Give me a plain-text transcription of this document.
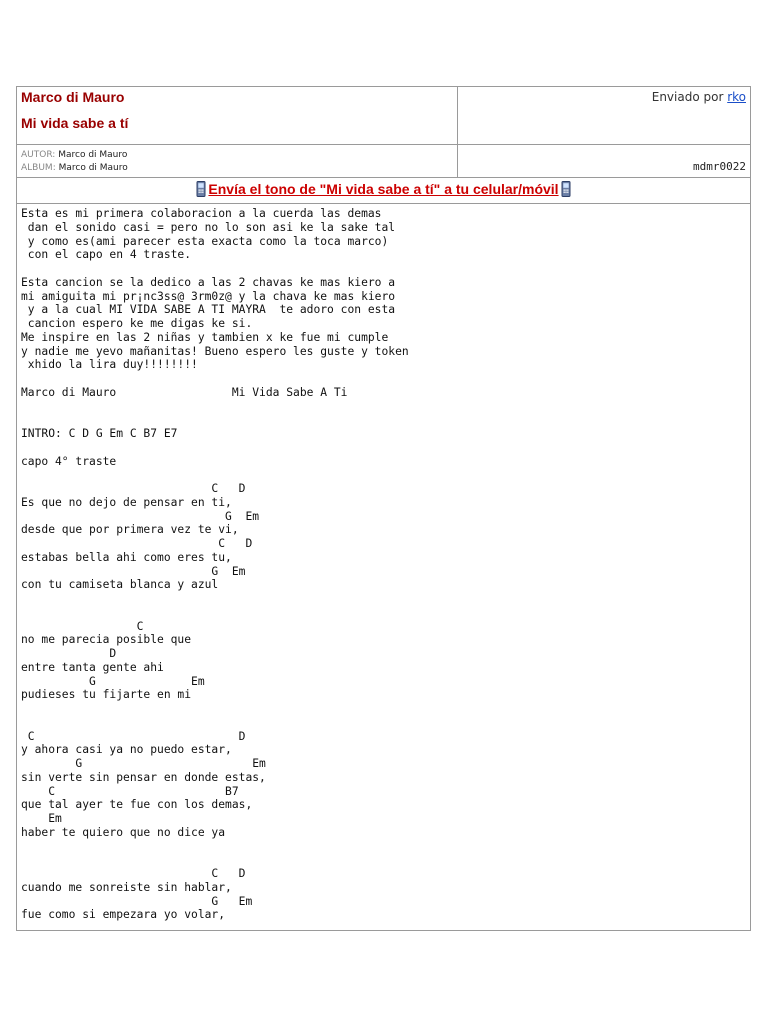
Marco di Mauro
Mi vida sabe a tí
Enviado por rko
AUTOR: Marco di Mauro
ALBUM: Marco di Mauro	mdmr0022
Envía el tono de "Mi vida sabe a tí" a tu celular/móvil
Esta es mi primera colaboracion a la cuerda las demas
dan el sonido casi = pero no lo son asi ke la sake tal
y como es(ami parecer esta exacta como la toca marco)
con el capo en 4 traste.

Esta cancion se la dedico a las 2 chavas ke mas kiero a
mi amiguita mi pr¡nc3ss@ 3rm0z@ y la chava ke mas kiero
y a la cual MI VIDA SABE A TI MAYRA  te adoro con esta
cancion espero ke me digas ke si.
Me inspire en las 2 niñas y tambien x ke fue mi cumple
y nadie me yevo mañanitas! Bueno espero les guste y token
xhido la lira duy!!!!!!!!

Marco di Mauro                 Mi Vida Sabe A Ti

INTRO: C D G Em C B7 E7

capo 4° traste

C   D
Es que no dejo de pensar en ti,
G  Em
desde que por primera vez te vi,
C   D
estabas bella ahi como eres tu,
G  Em
con tu camiseta blanca y azul

C
no me parecia posible que
D
entre tanta gente ahi
G              Em
pudieses tu fijarte en mi

C                              D
y ahora casi ya no puedo estar,
G                         Em
sin verte sin pensar en donde estas,
C                         B7
que tal ayer te fue con los demas,
Em
haber te quiero que no dice ya

C   D
cuando me sonreiste sin hablar,
G   Em
fue como si empezara yo volar,
